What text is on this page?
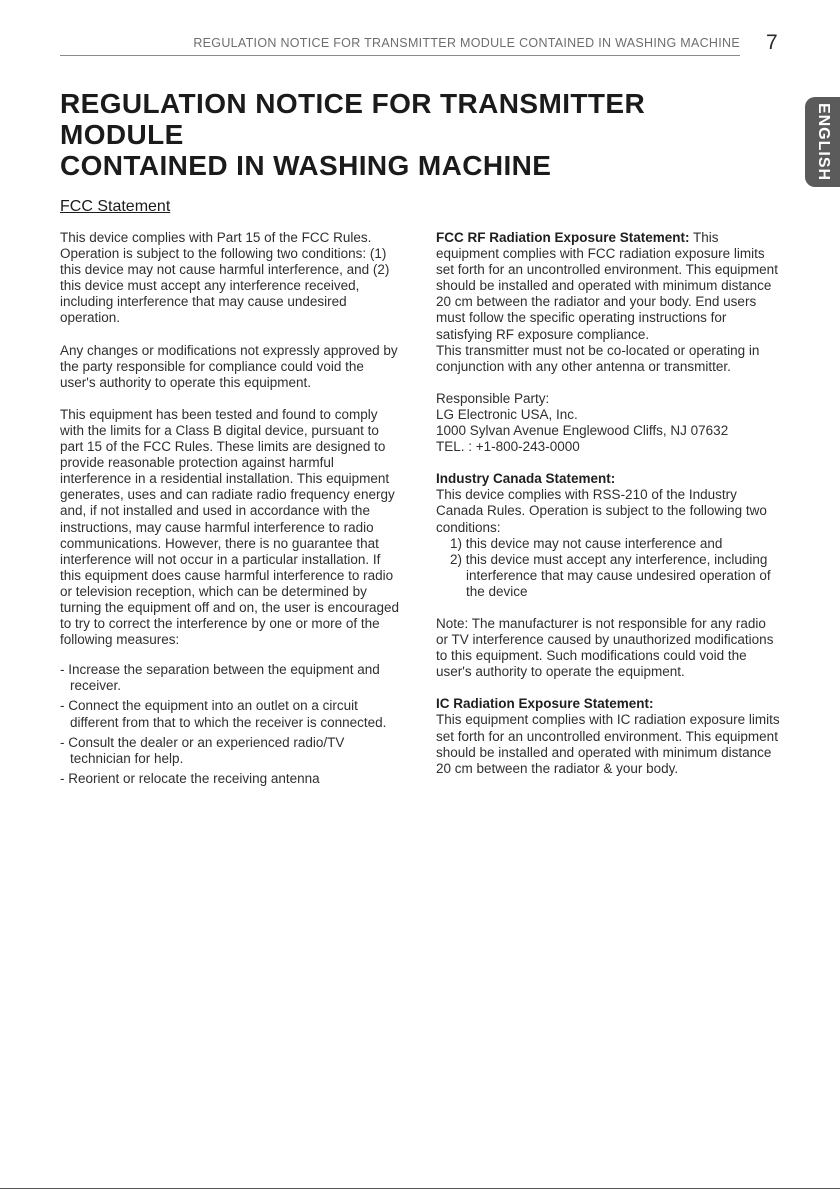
REGULATION NOTICE FOR TRANSMITTER MODULE CONTAINED IN WASHING MACHINE 7
REGULATION NOTICE FOR TRANSMITTER MODULE
CONTAINED IN WASHING MACHINE	ENGLISH
FCC Statement

This device complies with Part 15 of the FCC Rules. Operation is subject to the following two conditions: (1) this device may not cause harmful interference, and (2) this device must accept any interference received, including interference that may cause undesired operation.

Any changes or modifications not expressly approved by the party responsible for compliance could void the user's authority to operate this equipment.

This equipment has been tested and found to comply with the limits for a Class B digital device, pursuant to part 15 of the FCC Rules. These limits are designed to provide reasonable protection against harmful interference in a residential installation. This equipment generates, uses and can radiate radio frequency energy and, if not installed and used in accordance with the instructions, may cause harmful interference to radio communications. However, there is no guarantee that interference will not occur in a particular installation. If this equipment does cause harmful interference to radio or television reception, which can be determined by turning the equipment off and on, the user is encouraged to try to correct the interference by one or more of the following measures:

- Increase the separation between the equipment and receiver.

- Connect the equipment into an outlet on a circuit different from that to which the receiver is connected.

- Consult the dealer or an experienced radio/TV technician for help.

- Reorient or relocate the receiving antenna

FCC RF Radiation Exposure Statement: This equipment complies with FCC radiation exposure limits set forth for an uncontrolled environment. This equipment should be installed and operated with minimum distance 20 cm between the radiator and your body. End users must follow the specific operating instructions for satisfying RF exposure compliance.

This transmitter must not be co-located or operating in conjunction with any other antenna or transmitter.

Responsible Party:

LG Electronic USA, Inc.

1000 Sylvan Avenue Englewood Cliffs, NJ 07632

TEL. : +1-800-243-0000

Industry Canada Statement:

This device complies with RSS-210 of the Industry Canada Rules. Operation is subject to the following two conditions:

1) this device may not cause interference and

2) this device must accept any interference, including interference that may cause undesired operation of the device

Note: The manufacturer is not responsible for any radio or TV interference caused by unauthorized modifications to this equipment. Such modifications could void the user's authority to operate the equipment.

IC Radiation Exposure Statement:

This equipment complies with IC radiation exposure limits set forth for an uncontrolled environment. This equipment should be installed and operated with minimum distance 20 cm between the radiator & your body.
